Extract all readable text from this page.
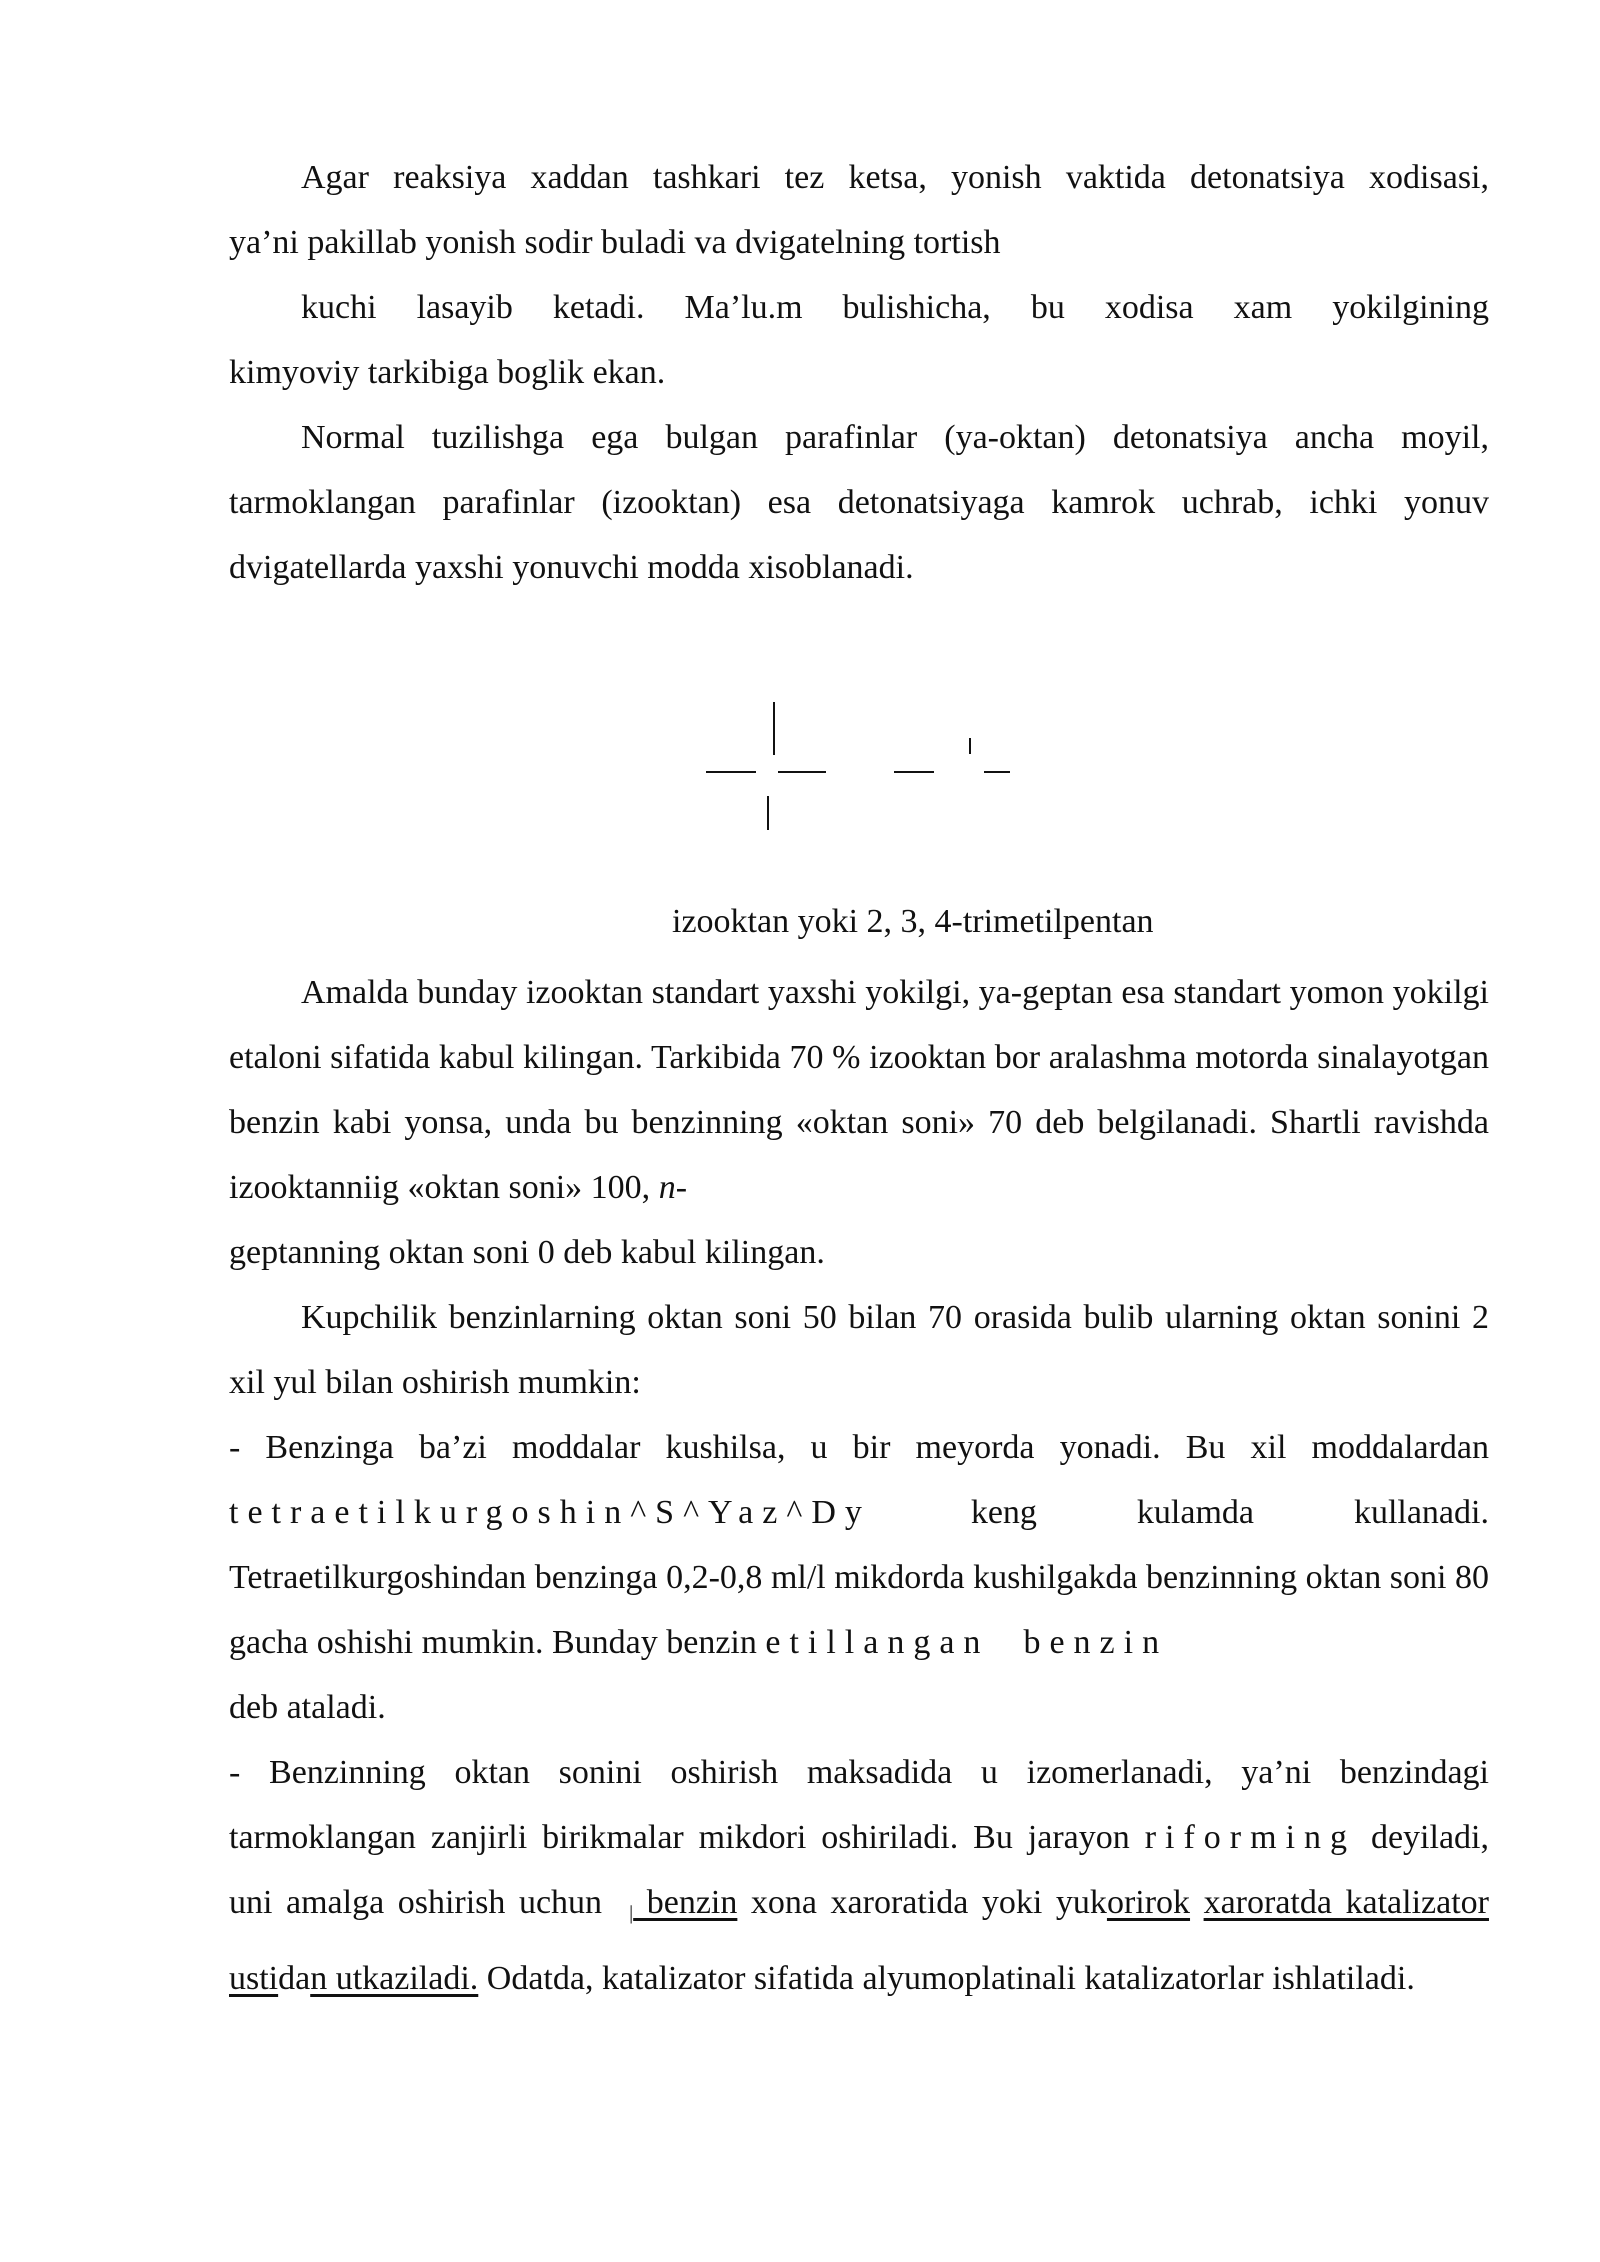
Agar reaksiya xaddan tashkari tez ketsa, yonish vaktida detonatsiya xodisasi,

ya’ni pakillab yonish sodir buladi va dvigatelning tortish

kuchi lasayib ketadi. Ma’lu.m bulishicha, bu xodisa xam yokilgining

kimyoviy tarkibiga boglik ekan.

Normal tuzilishga ega bulgan parafinlar (ya-oktan) detonatsiya ancha moyil, tarmoklangan parafinlar (izooktan) esa detonatsiyaga kamrok uchrab, ichki yonuv dvigatellarda yaxshi yonuvchi modda xisoblanadi.

izooktan yoki 2, 3, 4-trimetilpentan

Amalda bunday izooktan standart yaxshi yokilgi, ya-geptan esa standart yomon yokilgi etaloni sifatida kabul kilingan. Tarkibida 70 % izooktan bor aralashma motorda sinalayotgan benzin kabi yonsa, unda bu benzinning «oktan soni» 70 deb belgilanadi. Shartli ravishda izooktanniig «oktan soni» 100, n-
geptanning oktan soni 0 deb kabul kilingan.

Kupchilik benzinlarning oktan soni 50 bilan 70 orasida bulib ularning oktan sonini 2 xil yul bilan oshirish mumkin:

- Benzinga ba’zi moddalar kushilsa, u bir meyorda yonadi. Bu xil moddalardan

tetraetilkurgoshin^S^Yaz^Dy	keng	kulamda	kullanadi.

Tetraetilkurgoshindan benzinga 0,2-0,8 ml/l mikdorda kushilgakda benzinning oktan soni 80 gacha oshishi mumkin. Bunday benzin etillangan benzin
deb ataladi.

- Benzinning oktan sonini oshirish maksadida u izomerlanadi, ya’ni benzindagi tarmoklangan zanjirli birikmalar mikdori oshiriladi. Bu jarayon riforming deyiladi, uni amalga oshirish uchun | benzin xona xaroratida yoki yukorirok xaroratda katalizator ustidan utkaziladi. Odatda, katalizator sifatida alyumoplatinali katalizatorlar ishlatiladi.
